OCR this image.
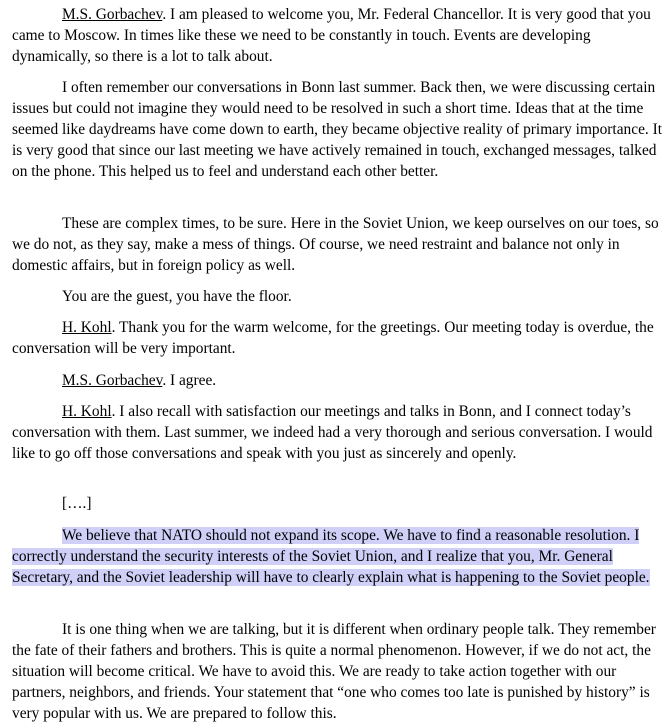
M.S. Gorbachev. I am pleased to welcome you, Mr. Federal Chancellor. It is very good that you came to Moscow. In times like these we need to be constantly in touch. Events are developing dynamically, so there is a lot to talk about.

I often remember our conversations in Bonn last summer. Back then, we were discussing certain issues but could not imagine they would need to be resolved in such a short time. Ideas that at the time seemed like daydreams have come down to earth, they became objective reality of primary importance. It is very good that since our last meeting we have actively remained in touch, exchanged messages, talked on the phone. This helped us to feel and understand each other better.

These are complex times, to be sure. Here in the Soviet Union, we keep ourselves on our toes, so we do not, as they say, make a mess of things. Of course, we need restraint and balance not only in domestic affairs, but in foreign policy as well.

You are the guest, you have the floor.

H. Kohl. Thank you for the warm welcome, for the greetings. Our meeting today is overdue, the conversation will be very important.

M.S. Gorbachev. I agree.

H. Kohl. I also recall with satisfaction our meetings and talks in Bonn, and I connect today’s conversation with them. Last summer, we indeed had a very thorough and serious conversation. I would like to go off those conversations and speak with you just as sincerely and openly.

[….]

We believe that NATO should not expand its scope. We have to find a reasonable resolution. I correctly understand the security interests of the Soviet Union, and I realize that you, Mr. General Secretary, and the Soviet leadership will have to clearly explain what is happening to the Soviet people.

It is one thing when we are talking, but it is different when ordinary people talk. They remember the fate of their fathers and brothers. This is quite a normal phenomenon. However, if we do not act, the situation will become critical. We have to avoid this. We are ready to take action together with our partners, neighbors, and friends. Your statement that “one who comes too late is punished by history” is very popular with us. We are prepared to follow this.
